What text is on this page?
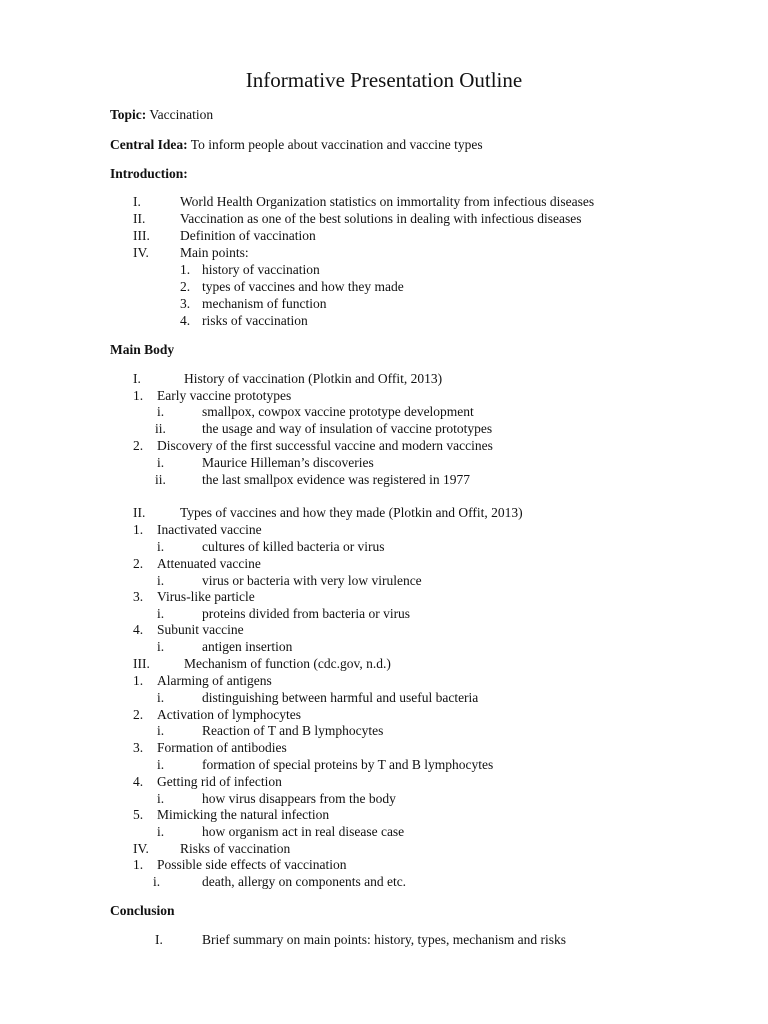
Informative Presentation Outline
Topic: Vaccination
Central Idea: To inform people about vaccination and vaccine types
Introduction:
I.	World Health Organization statistics on immortality from infectious diseases
II.	Vaccination as one of the best solutions in dealing with infectious diseases
III. Definition of vaccination
IV. Main points:
1. history of vaccination
2. types of vaccines and how they made
3. mechanism of function
4. risks of vaccination
Main Body
I.	History of vaccination (Plotkin and Offit, 2013)
1. Early vaccine prototypes
i.	smallpox, cowpox vaccine prototype development
ii.	the usage and way of insulation of vaccine prototypes
2. Discovery of the first successful vaccine and modern vaccines
i.	Maurice Hilleman’s discoveries
ii.	the last smallpox evidence was registered in 1977
II.	Types of vaccines and how they made (Plotkin and Offit, 2013)
1. Inactivated vaccine
i.	cultures of killed bacteria or virus
2. Attenuated vaccine
i.	virus or bacteria with very low virulence
3. Virus-like particle
i.	proteins divided from bacteria or virus
4. Subunit vaccine
i.	antigen insertion
III.	Mechanism of function (cdc.gov, n.d.)
1. Alarming of antigens
i.	distinguishing between harmful and useful bacteria
2. Activation of lymphocytes
i.	Reaction of T and B lymphocytes
3. Formation of antibodies
i.	formation of special proteins by T and B lymphocytes
4. Getting rid of infection
i.	how virus disappears from the body
5. Mimicking the natural infection
i.	how organism act in real disease case
IV. Risks of vaccination
1. Possible side effects of vaccination
i.	death, allergy on components and etc.
Conclusion
I.	Brief summary on main points: history, types, mechanism and risks
